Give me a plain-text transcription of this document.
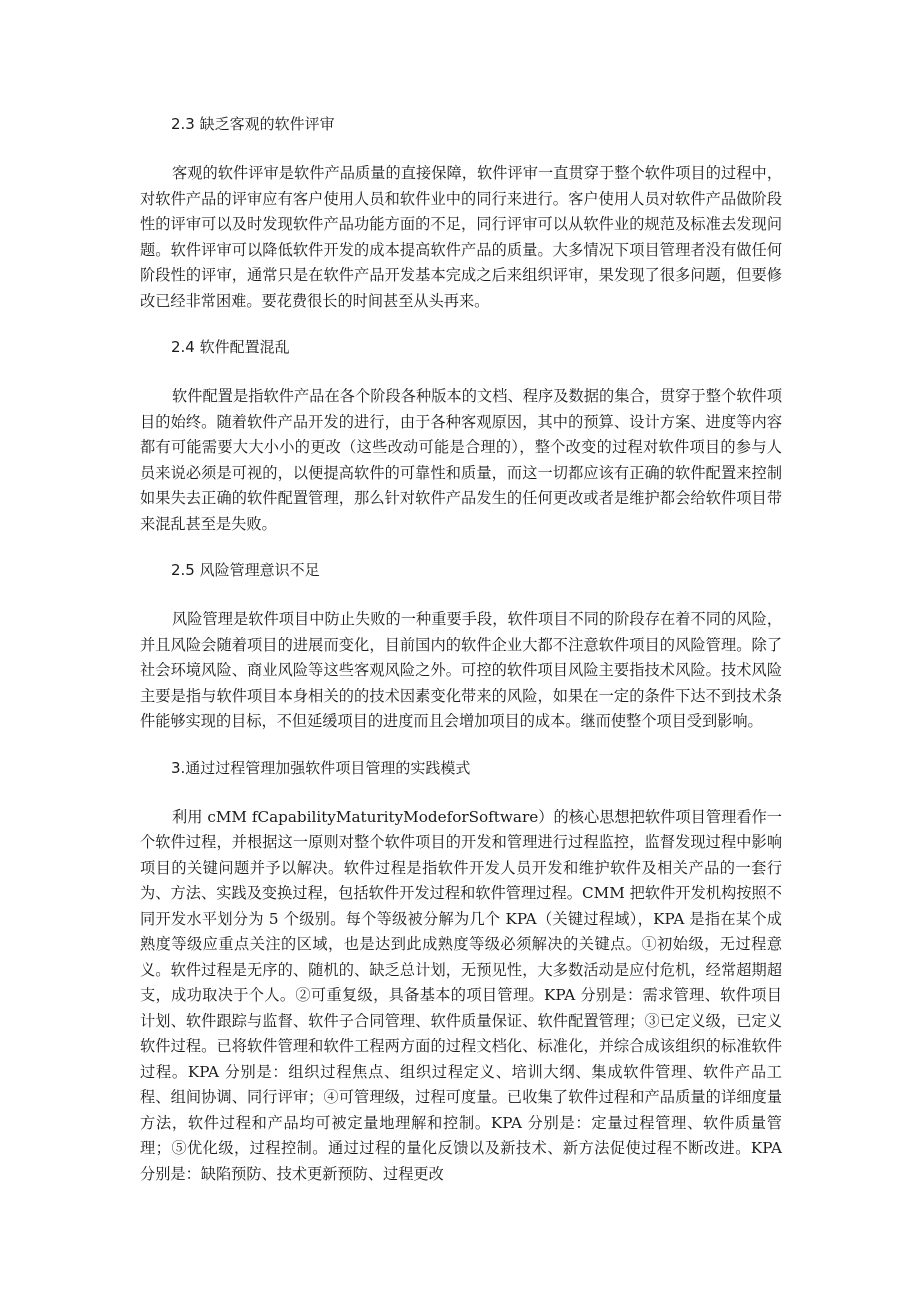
2.3 缺乏客观的软件评审

客观的软件评审是软件产品质量的直接保障，软件评审一直贯穿于整个软件项目的过程中，对软件产品的评审应有客户使用人员和软件业中的同行来进行。客户使用人员对软件产品做阶段性的评审可以及时发现软件产品功能方面的不足，同行评审可以从软件业的规范及标准去发现问题。软件评审可以降低软件开发的成本提高软件产品的质量。大多情况下项目管理者没有做任何阶段性的评审，通常只是在软件产品开发基本完成之后来组织评审，果发现了很多问题，但要修改已经非常困难。要花费很长的时间甚至从头再来。

2.4 软件配置混乱

软件配置是指软件产品在各个阶段各种版本的文档、程序及数据的集合，贯穿于整个软件项目的始终。随着软件产品开发的进行，由于各种客观原因，其中的预算、设计方案、进度等内容都有可能需要大大小小的更改（这些改动可能是合理的），整个改变的过程对软件项目的参与人员来说必须是可视的，以便提高软件的可靠性和质量，而这一切都应该有正确的软件配置来控制如果失去正确的软件配置管理，那么针对软件产品发生的任何更改或者是维护都会给软件项目带来混乱甚至是失败。

2.5 风险管理意识不足

风险管理是软件项目中防止失败的一种重要手段，软件项目不同的阶段存在着不同的风险，并且风险会随着项目的进展而变化，目前国内的软件企业大都不注意软件项目的风险管理。除了社会环境风险、商业风险等这些客观风险之外。可控的软件项目风险主要指技术风险。技术风险主要是指与软件项目本身相关的的技术因素变化带来的风险，如果在一定的条件下达不到技术条件能够实现的目标，不但延缓项目的进度而且会增加项目的成本。继而使整个项目受到影响。

3.通过过程管理加强软件项目管理的实践模式

利用 cMM fCapabilityMaturityModeforSoftware）的核心思想把软件项目管理看作一个软件过程，并根据这一原则对整个软件项目的开发和管理进行过程监控，监督发现过程中影响项目的关键问题并予以解决。软件过程是指软件开发人员开发和维护软件及相关产品的一套行为、方法、实践及变换过程，包括软件开发过程和软件管理过程。CMM 把软件开发机构按照不同开发水平划分为 5 个级别。每个等级被分解为几个 KPA（关键过程域），KPA 是指在某个成熟度等级应重点关注的区域，也是达到此成熟度等级必须解决的关键点。①初始级，无过程意义。软件过程是无序的、随机的、缺乏总计划，无预见性，大多数活动是应付危机，经常超期超支，成功取决于个人。②可重复级，具备基本的项目管理。KPA 分别是：需求管理、软件项目计划、软件跟踪与监督、软件子合同管理、软件质量保证、软件配置管理；③已定义级，已定义软件过程。已将软件管理和软件工程两方面的过程文档化、标准化，并综合成该组织的标准软件过程。KPA 分别是：组织过程焦点、组织过程定义、培训大纲、集成软件管理、软件产品工程、组间协调、同行评审；④可管理级，过程可度量。已收集了软件过程和产品质量的详细度量方法，软件过程和产品均可被定量地理解和控制。KPA 分别是：定量过程管理、软件质量管理；⑤优化级，过程控制。通过过程的量化反馈以及新技术、新方法促使过程不断改进。KPA 分别是：缺陷预防、技术更新预防、过程更改
